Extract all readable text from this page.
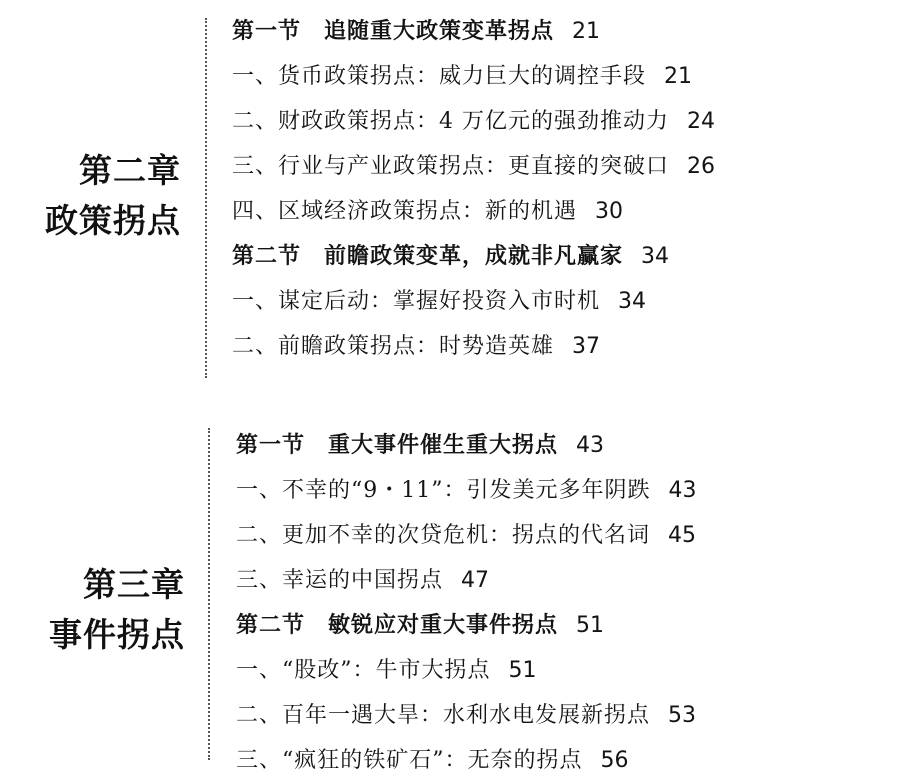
第二章
政策拐点
第一节　追随重大政策变革拐点 21
一、货币政策拐点：威力巨大的调控手段 21
二、财政政策拐点：4 万亿元的强劲推动力 24
三、行业与产业政策拐点：更直接的突破口 26
四、区域经济政策拐点：新的机遇 30
第二节　前瞻政策变革，成就非凡赢家 34
一、谋定后动：掌握好投资入市时机 34
二、前瞻政策拐点：时势造英雄 37
第三章
事件拐点
第一节　重大事件催生重大拐点 43
一、不幸的“9・11”：引发美元多年阴跌 43
二、更加不幸的次贷危机：拐点的代名词 45
三、幸运的中国拐点 47
第二节　敏锐应对重大事件拐点 51
一、“股改”：牛市大拐点 51
二、百年一遇大旱：水利水电发展新拐点 53
三、“疯狂的铁矿石”：无奈的拐点 56
